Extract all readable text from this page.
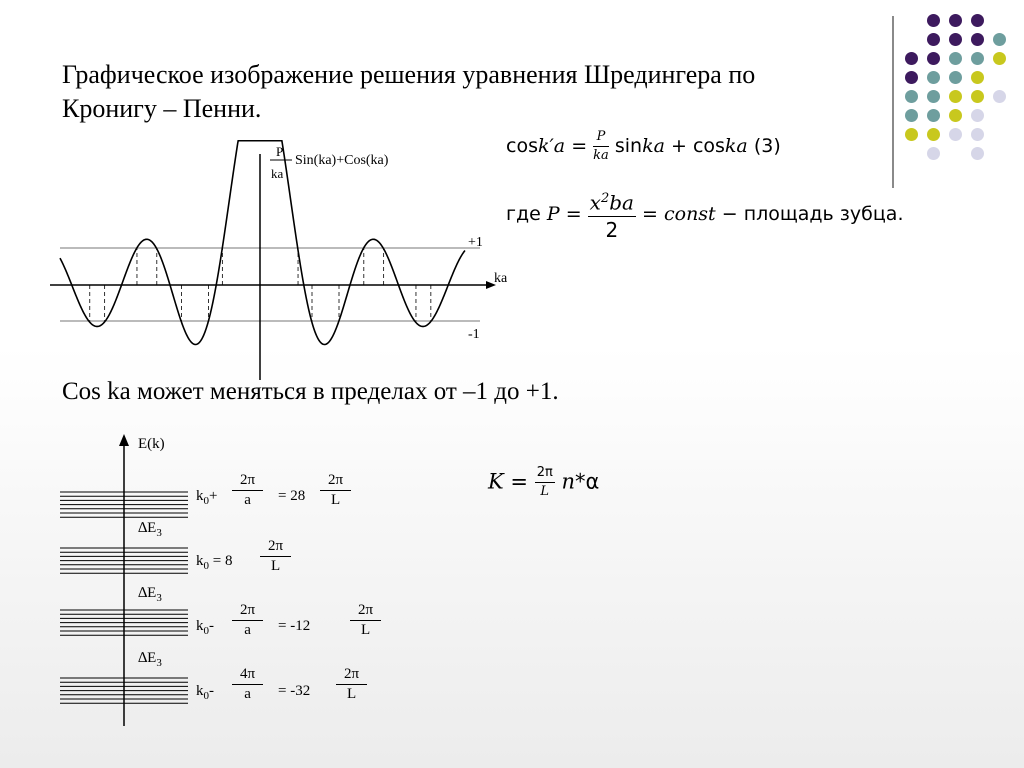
Графическое изображение решения уравнения Шредингера по Кронигу – Пенни.
$\cos k'a = \frac{P}{ka}$ sinka + coska (3)
где $P = \frac{x^2ba}{2}$ = const − площадь зубца.
P
ka
Sin(ka)+Cos(ka)
ka
+1
-1
Cos ka может меняться в пределах от –1 до +1.
E(k)
$\Delta E_3$
$\Delta E_3$
$\Delta E_3$
$k_0+$
2π
a	= 28
2π
L
$k_0 = 8$
2π
L
$k_0-$
2π
a	= -12
2π
L
$k_0-$
4π
a	= -32
2π
L
$K = \frac{2\pi}{L} n*\alpha$
